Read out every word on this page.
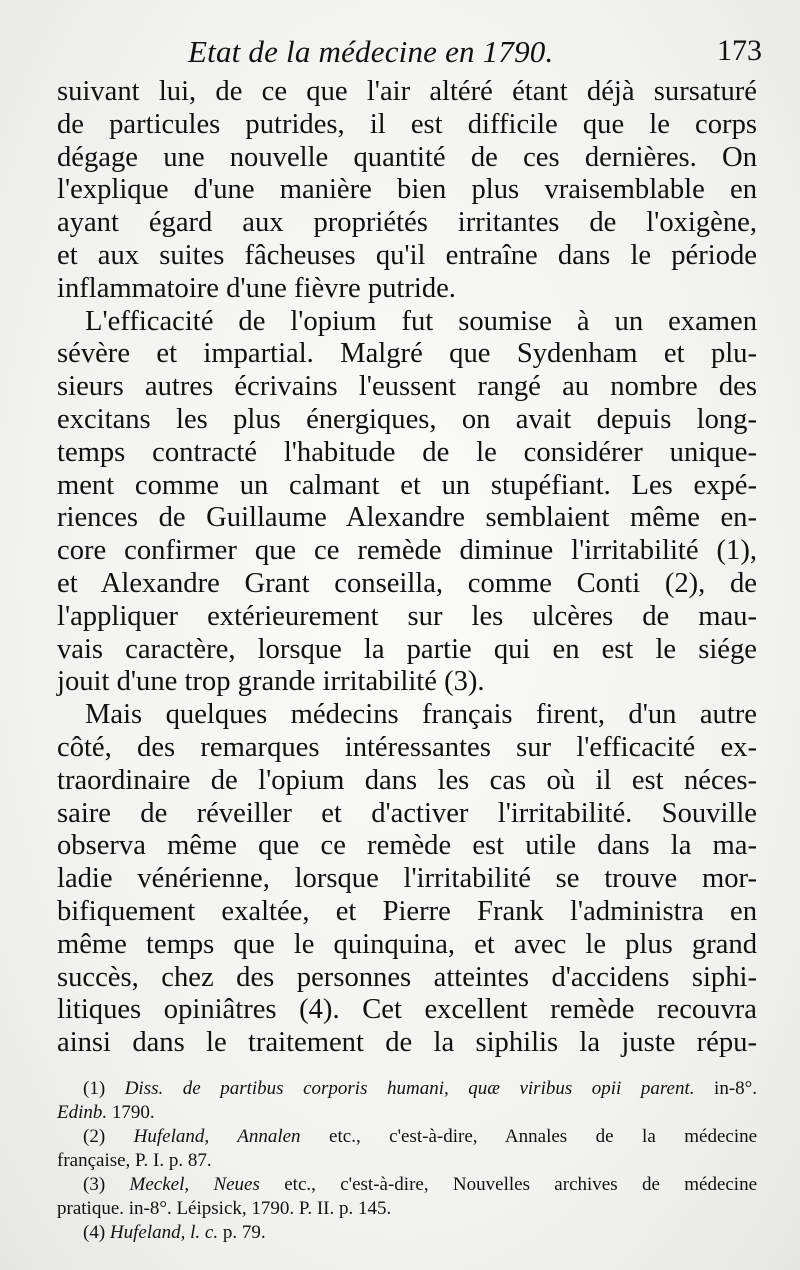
Etat de la médecine en 1790.	173
suivant lui, de ce que l'air altéré étant déjà sursaturé
de particules putrides, il est difficile que le corps
dégage une nouvelle quantité de ces dernières. On
l'explique d'une manière bien plus vraisemblable en
ayant égard aux propriétés irritantes de l'oxigène,
et aux suites fâcheuses qu'il entraîne dans le période
inflammatoire d'une fièvre putride.
L'efficacité de l'opium fut soumise à un examen
sévère et impartial. Malgré que Sydenham et plu-
sieurs autres écrivains l'eussent rangé au nombre des
excitans les plus énergiques, on avait depuis long-
temps contracté l'habitude de le considérer unique-
ment comme un calmant et un stupéfiant. Les expé-
riences de Guillaume Alexandre semblaient même en-
core confirmer que ce remède diminue l'irritabilité (1),
et Alexandre Grant conseilla, comme Conti (2), de
l'appliquer extérieurement sur les ulcères de mau-
vais caractère, lorsque la partie qui en est le siége
jouit d'une trop grande irritabilité (3).
Mais quelques médecins français firent, d'un autre
côté, des remarques intéressantes sur l'efficacité ex-
traordinaire de l'opium dans les cas où il est néces-
saire de réveiller et d'activer l'irritabilité. Souville
observa même que ce remède est utile dans la ma-
ladie vénérienne, lorsque l'irritabilité se trouve mor-
bifiquement exaltée, et Pierre Frank l'administra en
même temps que le quinquina, et avec le plus grand
succès, chez des personnes atteintes d'accidens siphi-
litiques opiniâtres (4). Cet excellent remède recouvra
ainsi dans le traitement de la siphilis la juste répu-
(1) Diss. de partibus corporis humani, quæ viribus opii parent. in-8°.
Edinb. 1790.
(2) Hufeland, Annalen etc., c'est-à-dire, Annales de la médecine
française, P. I. p. 87.
(3) Meckel, Neues etc., c'est-à-dire, Nouvelles archives de médecine
pratique. in-8°. Léipsick, 1790. P. II. p. 145.
(4) Hufeland, l. c. p. 79.
